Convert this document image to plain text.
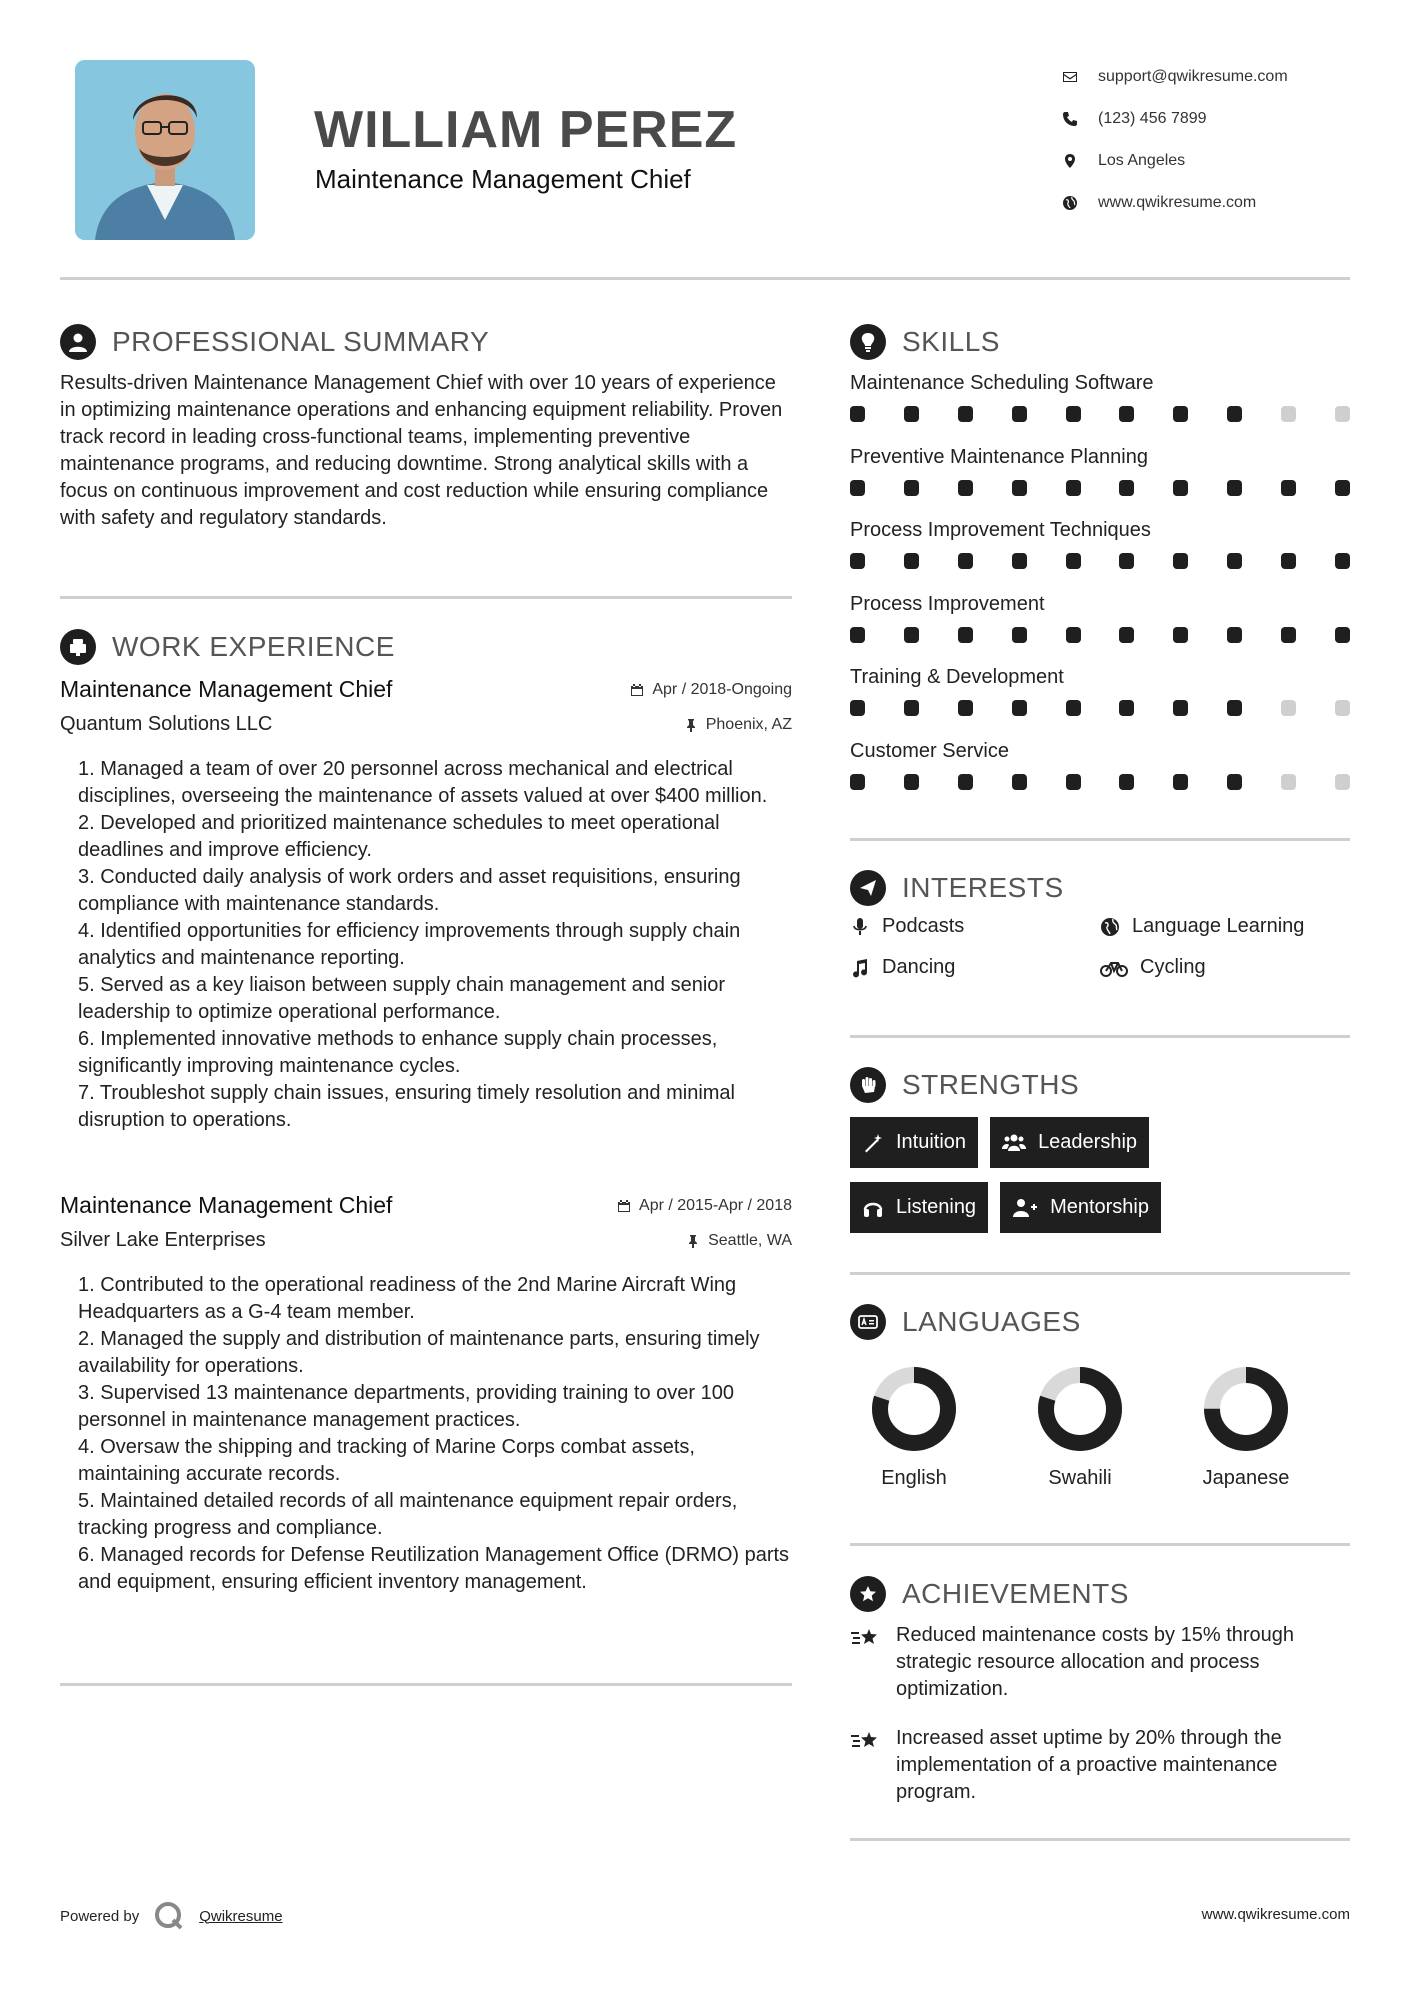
WILLIAM PEREZ
Maintenance Management Chief
support@qwikresume.com
(123) 456 7899
Los Angeles
www.qwikresume.com
PROFESSIONAL SUMMARY

Results-driven Maintenance Management Chief with over 10 years of experience in optimizing maintenance operations and enhancing equipment reliability. Proven track record in leading cross-functional teams, implementing preventive maintenance programs, and reducing downtime. Strong analytical skills with a focus on continuous improvement and cost reduction while ensuring compliance with safety and regulatory standards.

WORK EXPERIENCE
Maintenance Management Chief	Apr / 2018-Ongoing
Quantum Solutions LLC	Phoenix, AZ
1. Managed a team of over 20 personnel across mechanical and electrical disciplines, overseeing the maintenance of assets valued at over $400 million.
2. Developed and prioritized maintenance schedules to meet operational deadlines and improve efficiency.
3. Conducted daily analysis of work orders and asset requisitions, ensuring compliance with maintenance standards.
4. Identified opportunities for efficiency improvements through supply chain analytics and maintenance reporting.
5. Served as a key liaison between supply chain management and senior leadership to optimize operational performance.
6. Implemented innovative methods to enhance supply chain processes, significantly improving maintenance cycles.
7. Troubleshot supply chain issues, ensuring timely resolution and minimal disruption to operations.
Maintenance Management Chief	Apr / 2015-Apr / 2018
Silver Lake Enterprises	Seattle, WA
1. Contributed to the operational readiness of the 2nd Marine Aircraft Wing Headquarters as a G-4 team member.
2. Managed the supply and distribution of maintenance parts, ensuring timely availability for operations.
3. Supervised 13 maintenance departments, providing training to over 100 personnel in maintenance management practices.
4. Oversaw the shipping and tracking of Marine Corps combat assets, maintaining accurate records.
5. Maintained detailed records of all maintenance equipment repair orders, tracking progress and compliance.
6. Managed records for Defense Reutilization Management Office (DRMO) parts and equipment, ensuring efficient inventory management.
SKILLS
Maintenance Scheduling Software
Preventive Maintenance Planning
Process Improvement Techniques
Process Improvement
Training & Development
Customer Service
INTERESTS
Podcasts	Language Learning
Dancing	Cycling
STRENGTHS
Intuition	Leadership
Listening	Mentorship
LANGUAGES
English	Swahili	Japanese
ACHIEVEMENTS
Reduced maintenance costs by 15% through strategic resource allocation and process optimization.
Increased asset uptime by 20% through the implementation of a proactive maintenance program.
Powered by	Qwikresume	www.qwikresume.com
